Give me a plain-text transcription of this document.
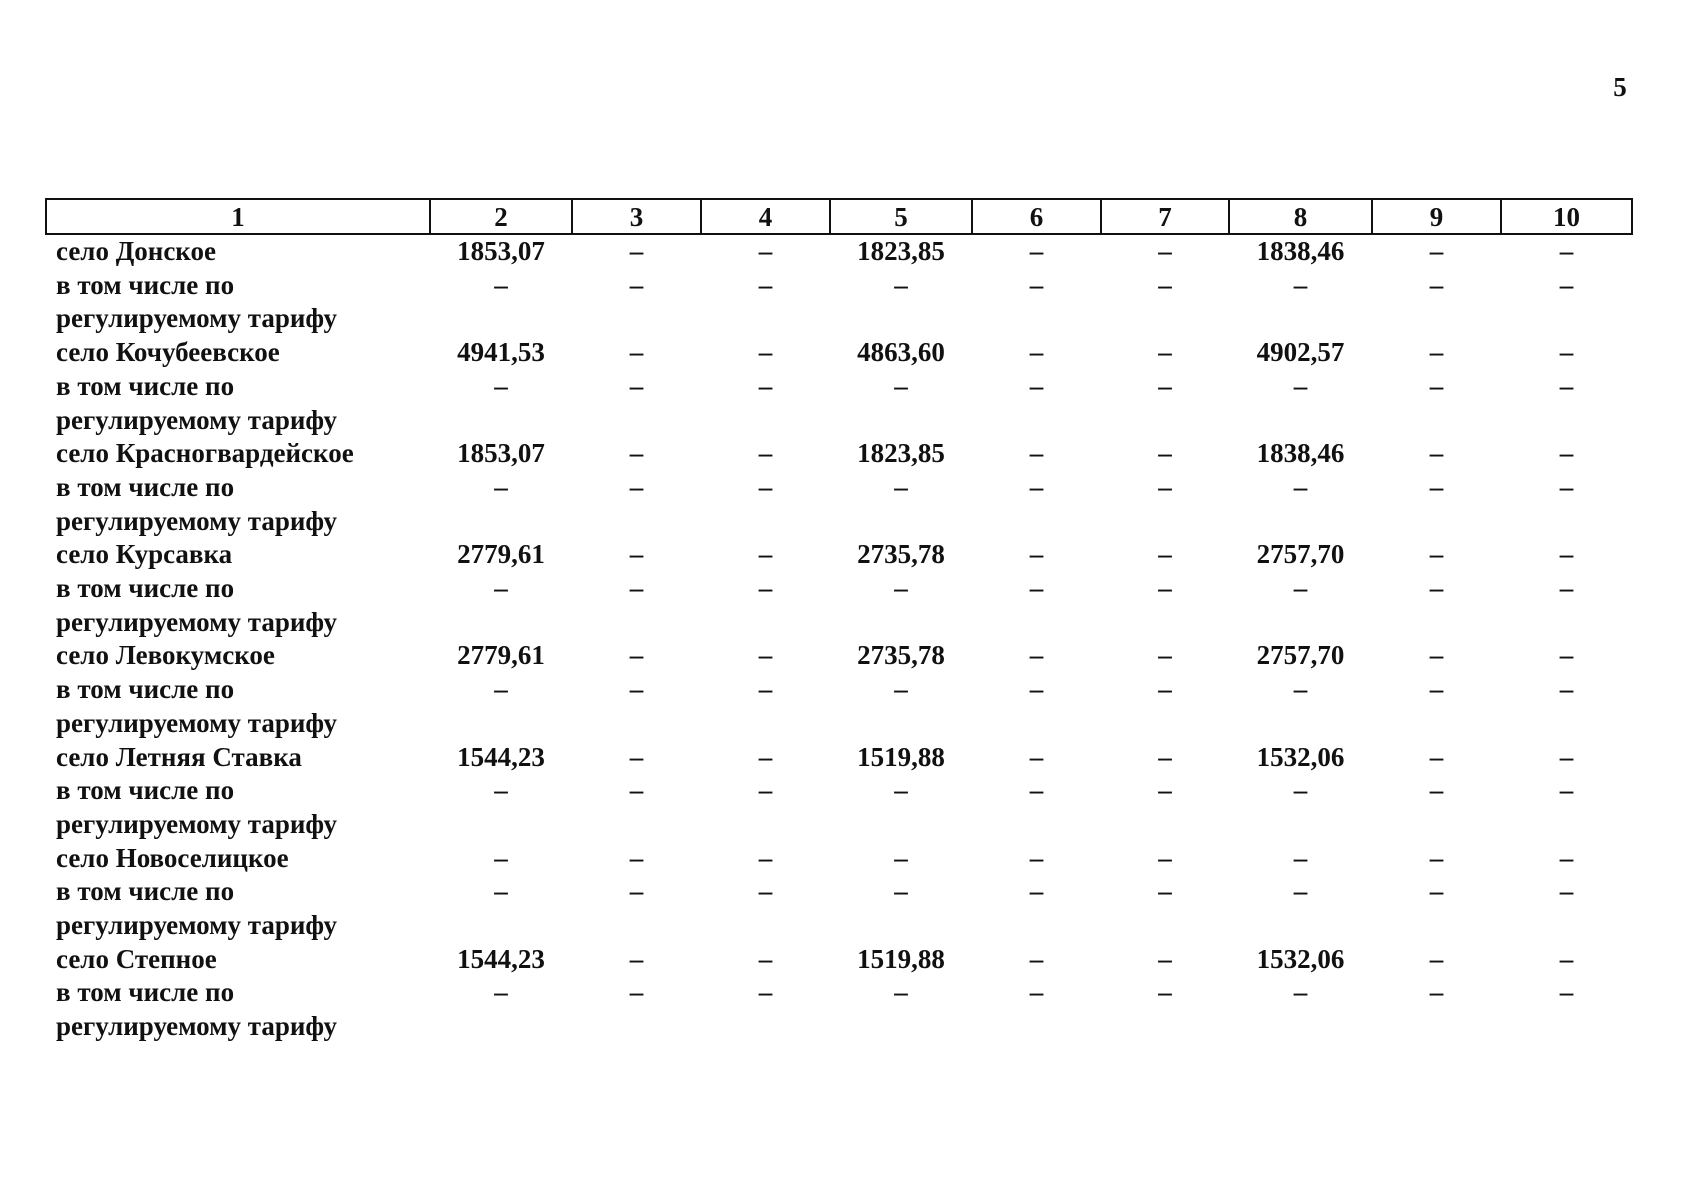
5
1	2	3	4	5	6	7	8	9	10
село Донское	1853,07	–	–	1823,85	–	–	1838,46	–	–
в том числе по	–	–	–	–	–	–	–	–	–
регулируемому тарифу									
село Кочубеевское	4941,53	–	–	4863,60	–	–	4902,57	–	–
в том числе по	–	–	–	–	–	–	–	–	–
регулируемому тарифу									
село Красногвардейское	1853,07	–	–	1823,85	–	–	1838,46	–	–
в том числе по	–	–	–	–	–	–	–	–	–
регулируемому тарифу									
село Курсавка	2779,61	–	–	2735,78	–	–	2757,70	–	–
в том числе по	–	–	–	–	–	–	–	–	–
регулируемому тарифу									
село Левокумское	2779,61	–	–	2735,78	–	–	2757,70	–	–
в том числе по	–	–	–	–	–	–	–	–	–
регулируемому тарифу									
село Летняя Ставка	1544,23	–	–	1519,88	–	–	1532,06	–	–
в том числе по	–	–	–	–	–	–	–	–	–
регулируемому тарифу									
село Новоселицкое	–	–	–	–	–	–	–	–	–
в том числе по	–	–	–	–	–	–	–	–	–
регулируемому тарифу									
село Степное	1544,23	–	–	1519,88	–	–	1532,06	–	–
в том числе по	–	–	–	–	–	–	–	–	–
регулируемому тарифу									
